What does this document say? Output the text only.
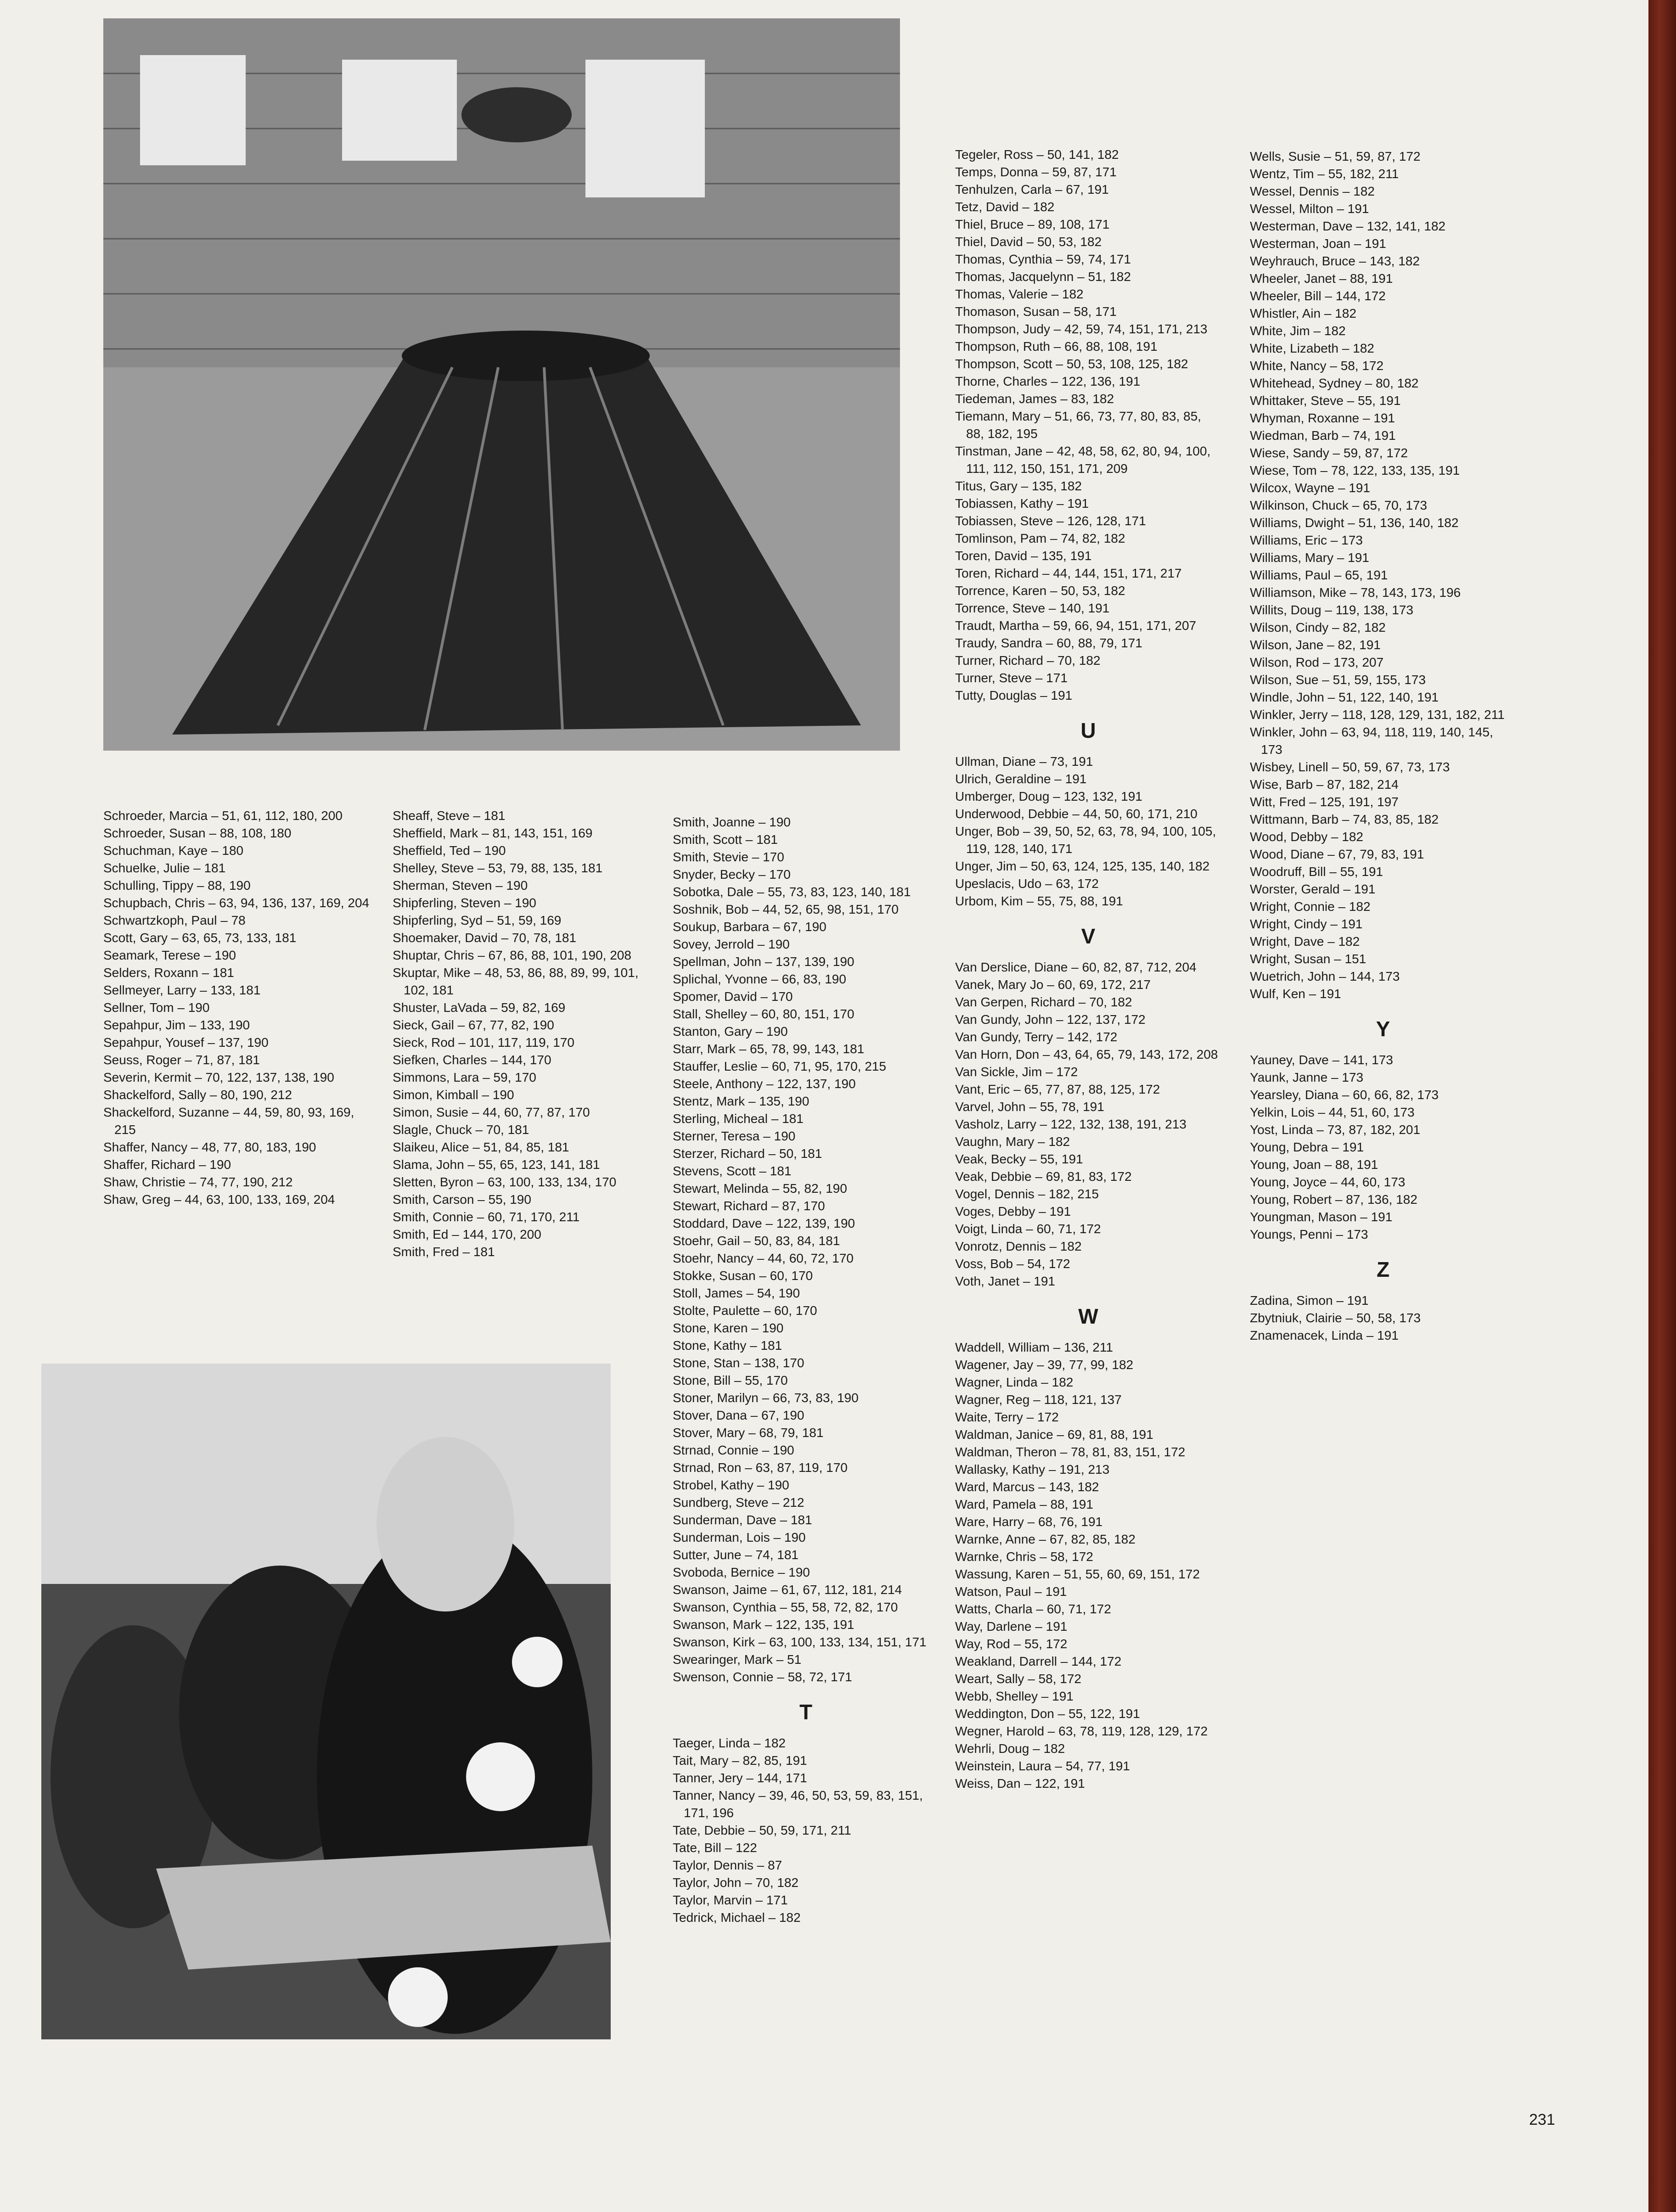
Schroeder, Marcia – 51, 61, 112, 180, 200

Schroeder, Susan – 88, 108, 180

Schuchman, Kaye – 180

Schuelke, Julie – 181

Schulling, Tippy – 88, 190

Schupbach, Chris – 63, 94, 136, 137, 169, 204

Schwartzkoph, Paul – 78

Scott, Gary – 63, 65, 73, 133, 181

Seamark, Terese – 190

Selders, Roxann – 181

Sellmeyer, Larry – 133, 181

Sellner, Tom – 190

Sepahpur, Jim – 133, 190

Sepahpur, Yousef – 137, 190

Seuss, Roger – 71, 87, 181

Severin, Kermit – 70, 122, 137, 138, 190

Shackelford, Sally – 80, 190, 212

Shackelford, Suzanne – 44, 59, 80, 93, 169, 215

Shaffer, Nancy – 48, 77, 80, 183, 190

Shaffer, Richard – 190

Shaw, Christie – 74, 77, 190, 212

Shaw, Greg – 44, 63, 100, 133, 169, 204

Sheaff, Steve – 181

Sheffield, Mark – 81, 143, 151, 169

Sheffield, Ted – 190

Shelley, Steve – 53, 79, 88, 135, 181

Sherman, Steven – 190

Shipferling, Steven – 190

Shipferling, Syd – 51, 59, 169

Shoemaker, David – 70, 78, 181

Shuptar, Chris – 67, 86, 88, 101, 190, 208

Skuptar, Mike – 48, 53, 86, 88, 89, 99, 101, 102, 181

Shuster, LaVada – 59, 82, 169

Sieck, Gail – 67, 77, 82, 190

Sieck, Rod – 101, 117, 119, 170

Siefken, Charles – 144, 170

Simmons, Lara – 59, 170

Simon, Kimball – 190

Simon, Susie – 44, 60, 77, 87, 170

Slagle, Chuck – 70, 181

Slaikeu, Alice – 51, 84, 85, 181

Slama, John – 55, 65, 123, 141, 181

Sletten, Byron – 63, 100, 133, 134, 170

Smith, Carson – 55, 190

Smith, Connie – 60, 71, 170, 211

Smith, Ed – 144, 170, 200

Smith, Fred – 181

Smith, Joanne – 190

Smith, Scott – 181

Smith, Stevie – 170

Snyder, Becky – 170

Sobotka, Dale – 55, 73, 83, 123, 140, 181

Soshnik, Bob – 44, 52, 65, 98, 151, 170

Soukup, Barbara – 67, 190

Sovey, Jerrold – 190

Spellman, John – 137, 139, 190

Splichal, Yvonne – 66, 83, 190

Spomer, David – 170

Stall, Shelley – 60, 80, 151, 170

Stanton, Gary – 190

Starr, Mark – 65, 78, 99, 143, 181

Stauffer, Leslie – 60, 71, 95, 170, 215

Steele, Anthony – 122, 137, 190

Stentz, Mark – 135, 190

Sterling, Micheal – 181

Sterner, Teresa – 190

Sterzer, Richard – 50, 181

Stevens, Scott – 181

Stewart, Melinda – 55, 82, 190

Stewart, Richard – 87, 170

Stoddard, Dave – 122, 139, 190

Stoehr, Gail – 50, 83, 84, 181

Stoehr, Nancy – 44, 60, 72, 170

Stokke, Susan – 60, 170

Stoll, James – 54, 190

Stolte, Paulette – 60, 170

Stone, Karen – 190

Stone, Kathy – 181

Stone, Stan – 138, 170

Stone, Bill – 55, 170

Stoner, Marilyn – 66, 73, 83, 190

Stover, Dana – 67, 190

Stover, Mary – 68, 79, 181

Strnad, Connie – 190

Strnad, Ron – 63, 87, 119, 170

Strobel, Kathy – 190

Sundberg, Steve – 212

Sunderman, Dave – 181

Sunderman, Lois – 190

Sutter, June – 74, 181

Svoboda, Bernice – 190

Swanson, Jaime – 61, 67, 112, 181, 214

Swanson, Cynthia – 55, 58, 72, 82, 170

Swanson, Mark – 122, 135, 191

Swanson, Kirk – 63, 100, 133, 134, 151, 171

Swearinger, Mark – 51

Swenson, Connie – 58, 72, 171

T

Taeger, Linda – 182

Tait, Mary – 82, 85, 191

Tanner, Jery – 144, 171

Tanner, Nancy – 39, 46, 50, 53, 59, 83, 151, 171, 196

Tate, Debbie – 50, 59, 171, 211

Tate, Bill – 122

Taylor, Dennis – 87

Taylor, John – 70, 182

Taylor, Marvin – 171

Tedrick, Michael – 182

Tegeler, Ross – 50, 141, 182

Temps, Donna – 59, 87, 171

Tenhulzen, Carla – 67, 191

Tetz, David – 182

Thiel, Bruce – 89, 108, 171

Thiel, David – 50, 53, 182

Thomas, Cynthia – 59, 74, 171

Thomas, Jacquelynn – 51, 182

Thomas, Valerie – 182

Thomason, Susan – 58, 171

Thompson, Judy – 42, 59, 74, 151, 171, 213

Thompson, Ruth – 66, 88, 108, 191

Thompson, Scott – 50, 53, 108, 125, 182

Thorne, Charles – 122, 136, 191

Tiedeman, James – 83, 182

Tiemann, Mary – 51, 66, 73, 77, 80, 83, 85, 88, 182, 195

Tinstman, Jane – 42, 48, 58, 62, 80, 94, 100, 111, 112, 150, 151, 171, 209

Titus, Gary – 135, 182

Tobiassen, Kathy – 191

Tobiassen, Steve – 126, 128, 171

Tomlinson, Pam – 74, 82, 182

Toren, David – 135, 191

Toren, Richard – 44, 144, 151, 171, 217

Torrence, Karen – 50, 53, 182

Torrence, Steve – 140, 191

Traudt, Martha – 59, 66, 94, 151, 171, 207

Traudy, Sandra – 60, 88, 79, 171

Turner, Richard – 70, 182

Turner, Steve – 171

Tutty, Douglas – 191

U

Ullman, Diane – 73, 191

Ulrich, Geraldine – 191

Umberger, Doug – 123, 132, 191

Underwood, Debbie – 44, 50, 60, 171, 210

Unger, Bob – 39, 50, 52, 63, 78, 94, 100, 105, 119, 128, 140, 171

Unger, Jim – 50, 63, 124, 125, 135, 140, 182

Upeslacis, Udo – 63, 172

Urbom, Kim – 55, 75, 88, 191

V

Van Derslice, Diane – 60, 82, 87, 712, 204

Vanek, Mary Jo – 60, 69, 172, 217

Van Gerpen, Richard – 70, 182

Van Gundy, John – 122, 137, 172

Van Gundy, Terry – 142, 172

Van Horn, Don – 43, 64, 65, 79, 143, 172, 208

Van Sickle, Jim – 172

Vant, Eric – 65, 77, 87, 88, 125, 172

Varvel, John – 55, 78, 191

Vasholz, Larry – 122, 132, 138, 191, 213

Vaughn, Mary – 182

Veak, Becky – 55, 191

Veak, Debbie – 69, 81, 83, 172

Vogel, Dennis – 182, 215

Voges, Debby – 191

Voigt, Linda – 60, 71, 172

Vonrotz, Dennis – 182

Voss, Bob – 54, 172

Voth, Janet – 191

W

Waddell, William – 136, 211

Wagener, Jay – 39, 77, 99, 182

Wagner, Linda – 182

Wagner, Reg – 118, 121, 137

Waite, Terry – 172

Waldman, Janice – 69, 81, 88, 191

Waldman, Theron – 78, 81, 83, 151, 172

Wallasky, Kathy – 191, 213

Ward, Marcus – 143, 182

Ward, Pamela – 88, 191

Ware, Harry – 68, 76, 191

Warnke, Anne – 67, 82, 85, 182

Warnke, Chris – 58, 172

Wassung, Karen – 51, 55, 60, 69, 151, 172

Watson, Paul – 191

Watts, Charla – 60, 71, 172

Way, Darlene – 191

Way, Rod – 55, 172

Weakland, Darrell – 144, 172

Weart, Sally – 58, 172

Webb, Shelley – 191

Weddington, Don – 55, 122, 191

Wegner, Harold – 63, 78, 119, 128, 129, 172

Wehrli, Doug – 182

Weinstein, Laura – 54, 77, 191

Weiss, Dan – 122, 191

Wells, Susie – 51, 59, 87, 172

Wentz, Tim – 55, 182, 211

Wessel, Dennis – 182

Wessel, Milton – 191

Westerman, Dave – 132, 141, 182

Westerman, Joan – 191

Weyhrauch, Bruce – 143, 182

Wheeler, Janet – 88, 191

Wheeler, Bill – 144, 172

Whistler, Ain – 182

White, Jim – 182

White, Lizabeth – 182

White, Nancy – 58, 172

Whitehead, Sydney – 80, 182

Whittaker, Steve – 55, 191

Whyman, Roxanne – 191

Wiedman, Barb – 74, 191

Wiese, Sandy – 59, 87, 172

Wiese, Tom – 78, 122, 133, 135, 191

Wilcox, Wayne – 191

Wilkinson, Chuck – 65, 70, 173

Williams, Dwight – 51, 136, 140, 182

Williams, Eric – 173

Williams, Mary – 191

Williams, Paul – 65, 191

Williamson, Mike – 78, 143, 173, 196

Willits, Doug – 119, 138, 173

Wilson, Cindy – 82, 182

Wilson, Jane – 82, 191

Wilson, Rod – 173, 207

Wilson, Sue – 51, 59, 155, 173

Windle, John – 51, 122, 140, 191

Winkler, Jerry – 118, 128, 129, 131, 182, 211

Winkler, John – 63, 94, 118, 119, 140, 145, 173

Wisbey, Linell – 50, 59, 67, 73, 173

Wise, Barb – 87, 182, 214

Witt, Fred – 125, 191, 197

Wittmann, Barb – 74, 83, 85, 182

Wood, Debby – 182

Wood, Diane – 67, 79, 83, 191

Woodruff, Bill – 55, 191

Worster, Gerald – 191

Wright, Connie – 182

Wright, Cindy – 191

Wright, Dave – 182

Wright, Susan – 151

Wuetrich, John – 144, 173

Wulf, Ken – 191

Y

Yauney, Dave – 141, 173

Yaunk, Janne – 173

Yearsley, Diana – 60, 66, 82, 173

Yelkin, Lois – 44, 51, 60, 173

Yost, Linda – 73, 87, 182, 201

Young, Debra – 191

Young, Joan – 88, 191

Young, Joyce – 44, 60, 173

Young, Robert – 87, 136, 182

Youngman, Mason – 191

Youngs, Penni – 173

Z

Zadina, Simon – 191

Zbytniuk, Clairie – 50, 58, 173

Znamenacek, Linda – 191

231
